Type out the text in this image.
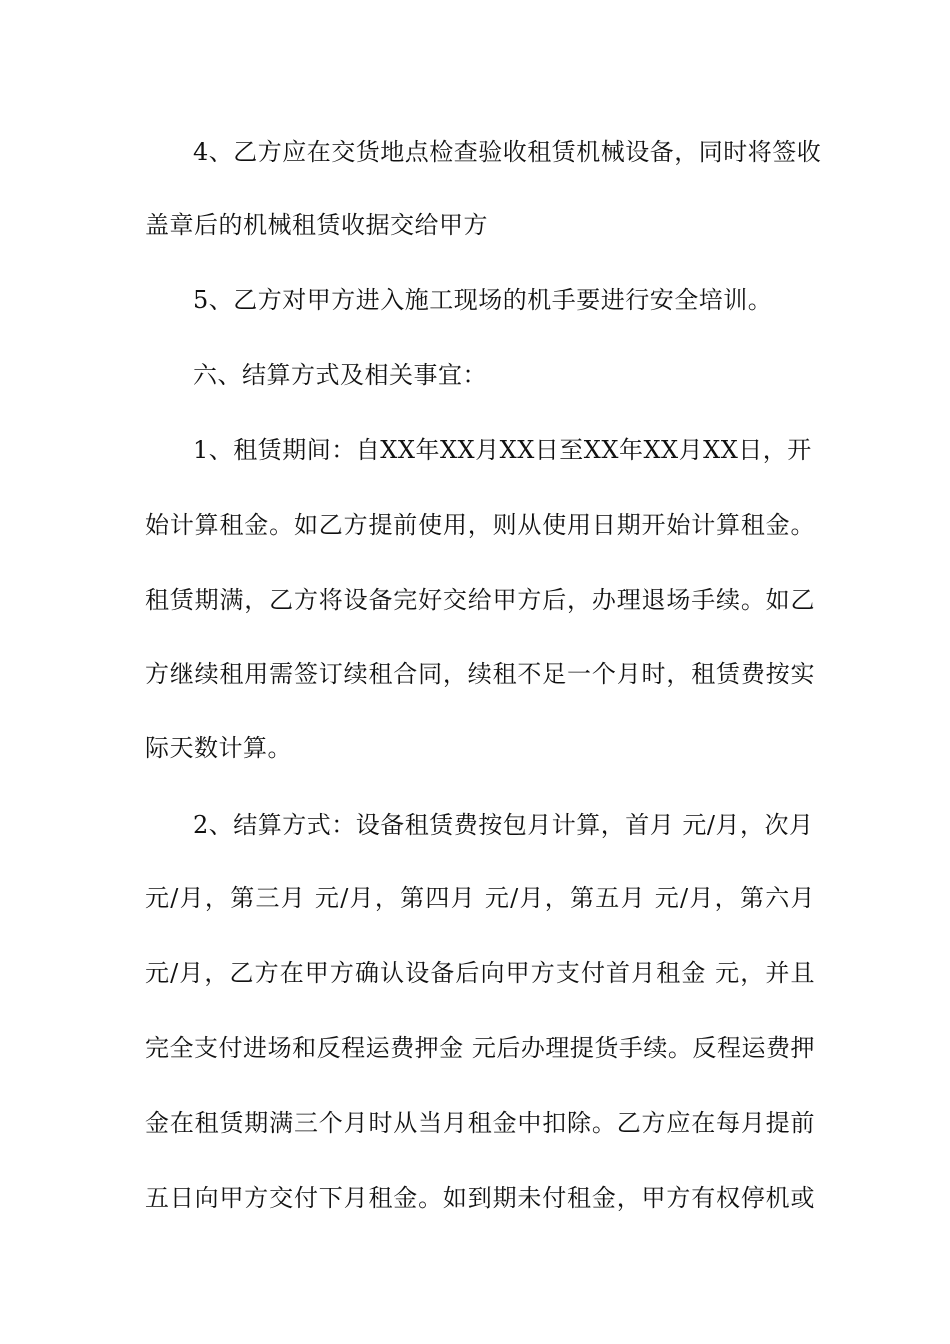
4、乙方应在交货地点检查验收租赁机械设备，同时将签收
盖章后的机械租赁收据交给甲方
5、乙方对甲方进入施工现场的机手要进行安全培训。
六、结算方式及相关事宜：
1、租赁期间：自XX年XX月XX日至XX年XX月XX日，开
始计算租金。如乙方提前使用，则从使用日期开始计算租金。
租赁期满，乙方将设备完好交给甲方后，办理退场手续。如乙
方继续租用需签订续租合同，续租不足一个月时，租赁费按实
际天数计算。
2、结算方式：设备租赁费按包月计算，首月 元/月，次月
元/月，第三月 元/月，第四月 元/月，第五月 元/月，第六月
元/月，乙方在甲方确认设备后向甲方支付首月租金 元，并且
完全支付进场和反程运费押金 元后办理提货手续。反程运费押
金在租赁期满三个月时从当月租金中扣除。乙方应在每月提前
五日向甲方交付下月租金。如到期未付租金，甲方有权停机或
